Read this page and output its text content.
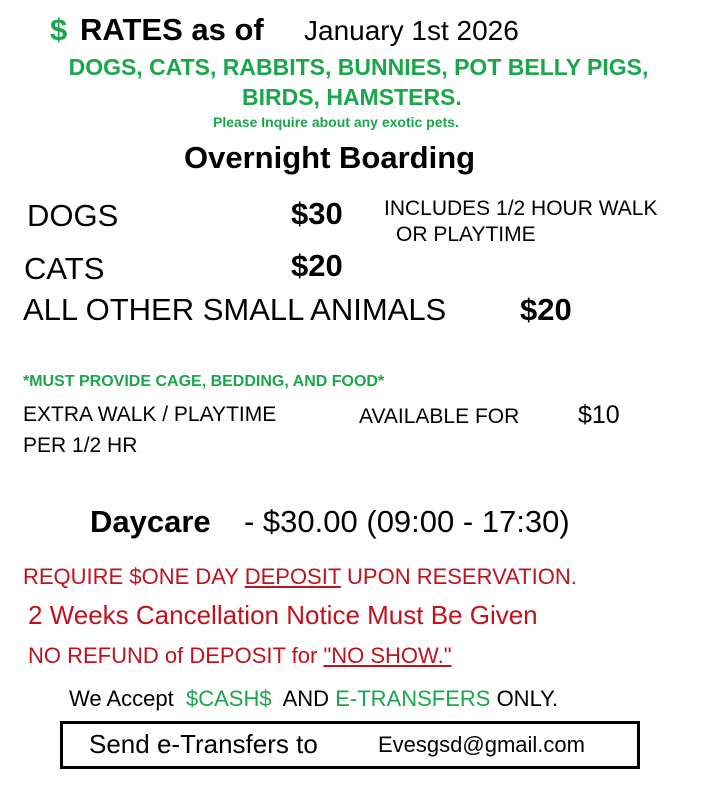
$ RATES as of January 1st 2026
DOGS, CATS, RABBITS, BUNNIES, POT BELLY PIGS,
BIRDS, HAMSTERS.
Please Inquire about any exotic pets.
Overnight Boarding
DOGS	$30 INCLUDES 1/2 HOUR WALK
OR PLAYTIME
CATS	$20
ALL OTHER SMALL ANIMALS $20
*MUST PROVIDE CAGE, BEDDING, AND FOOD*
EXTRA WALK / PLAYTIME	AVAILABLE FOR $10
PER 1/2 HR
Daycare - $30.00 (09:00 - 17:30)
REQUIRE $ONE DAY DEPOSIT UPON RESERVATION.
2 Weeks Cancellation Notice Must Be Given
NO REFUND of DEPOSIT for "NO SHOW."
We Accept $CASH$ AND E-TRANSFERS ONLY.
Send e-Transfers to	Evesgsd@gmail.com
